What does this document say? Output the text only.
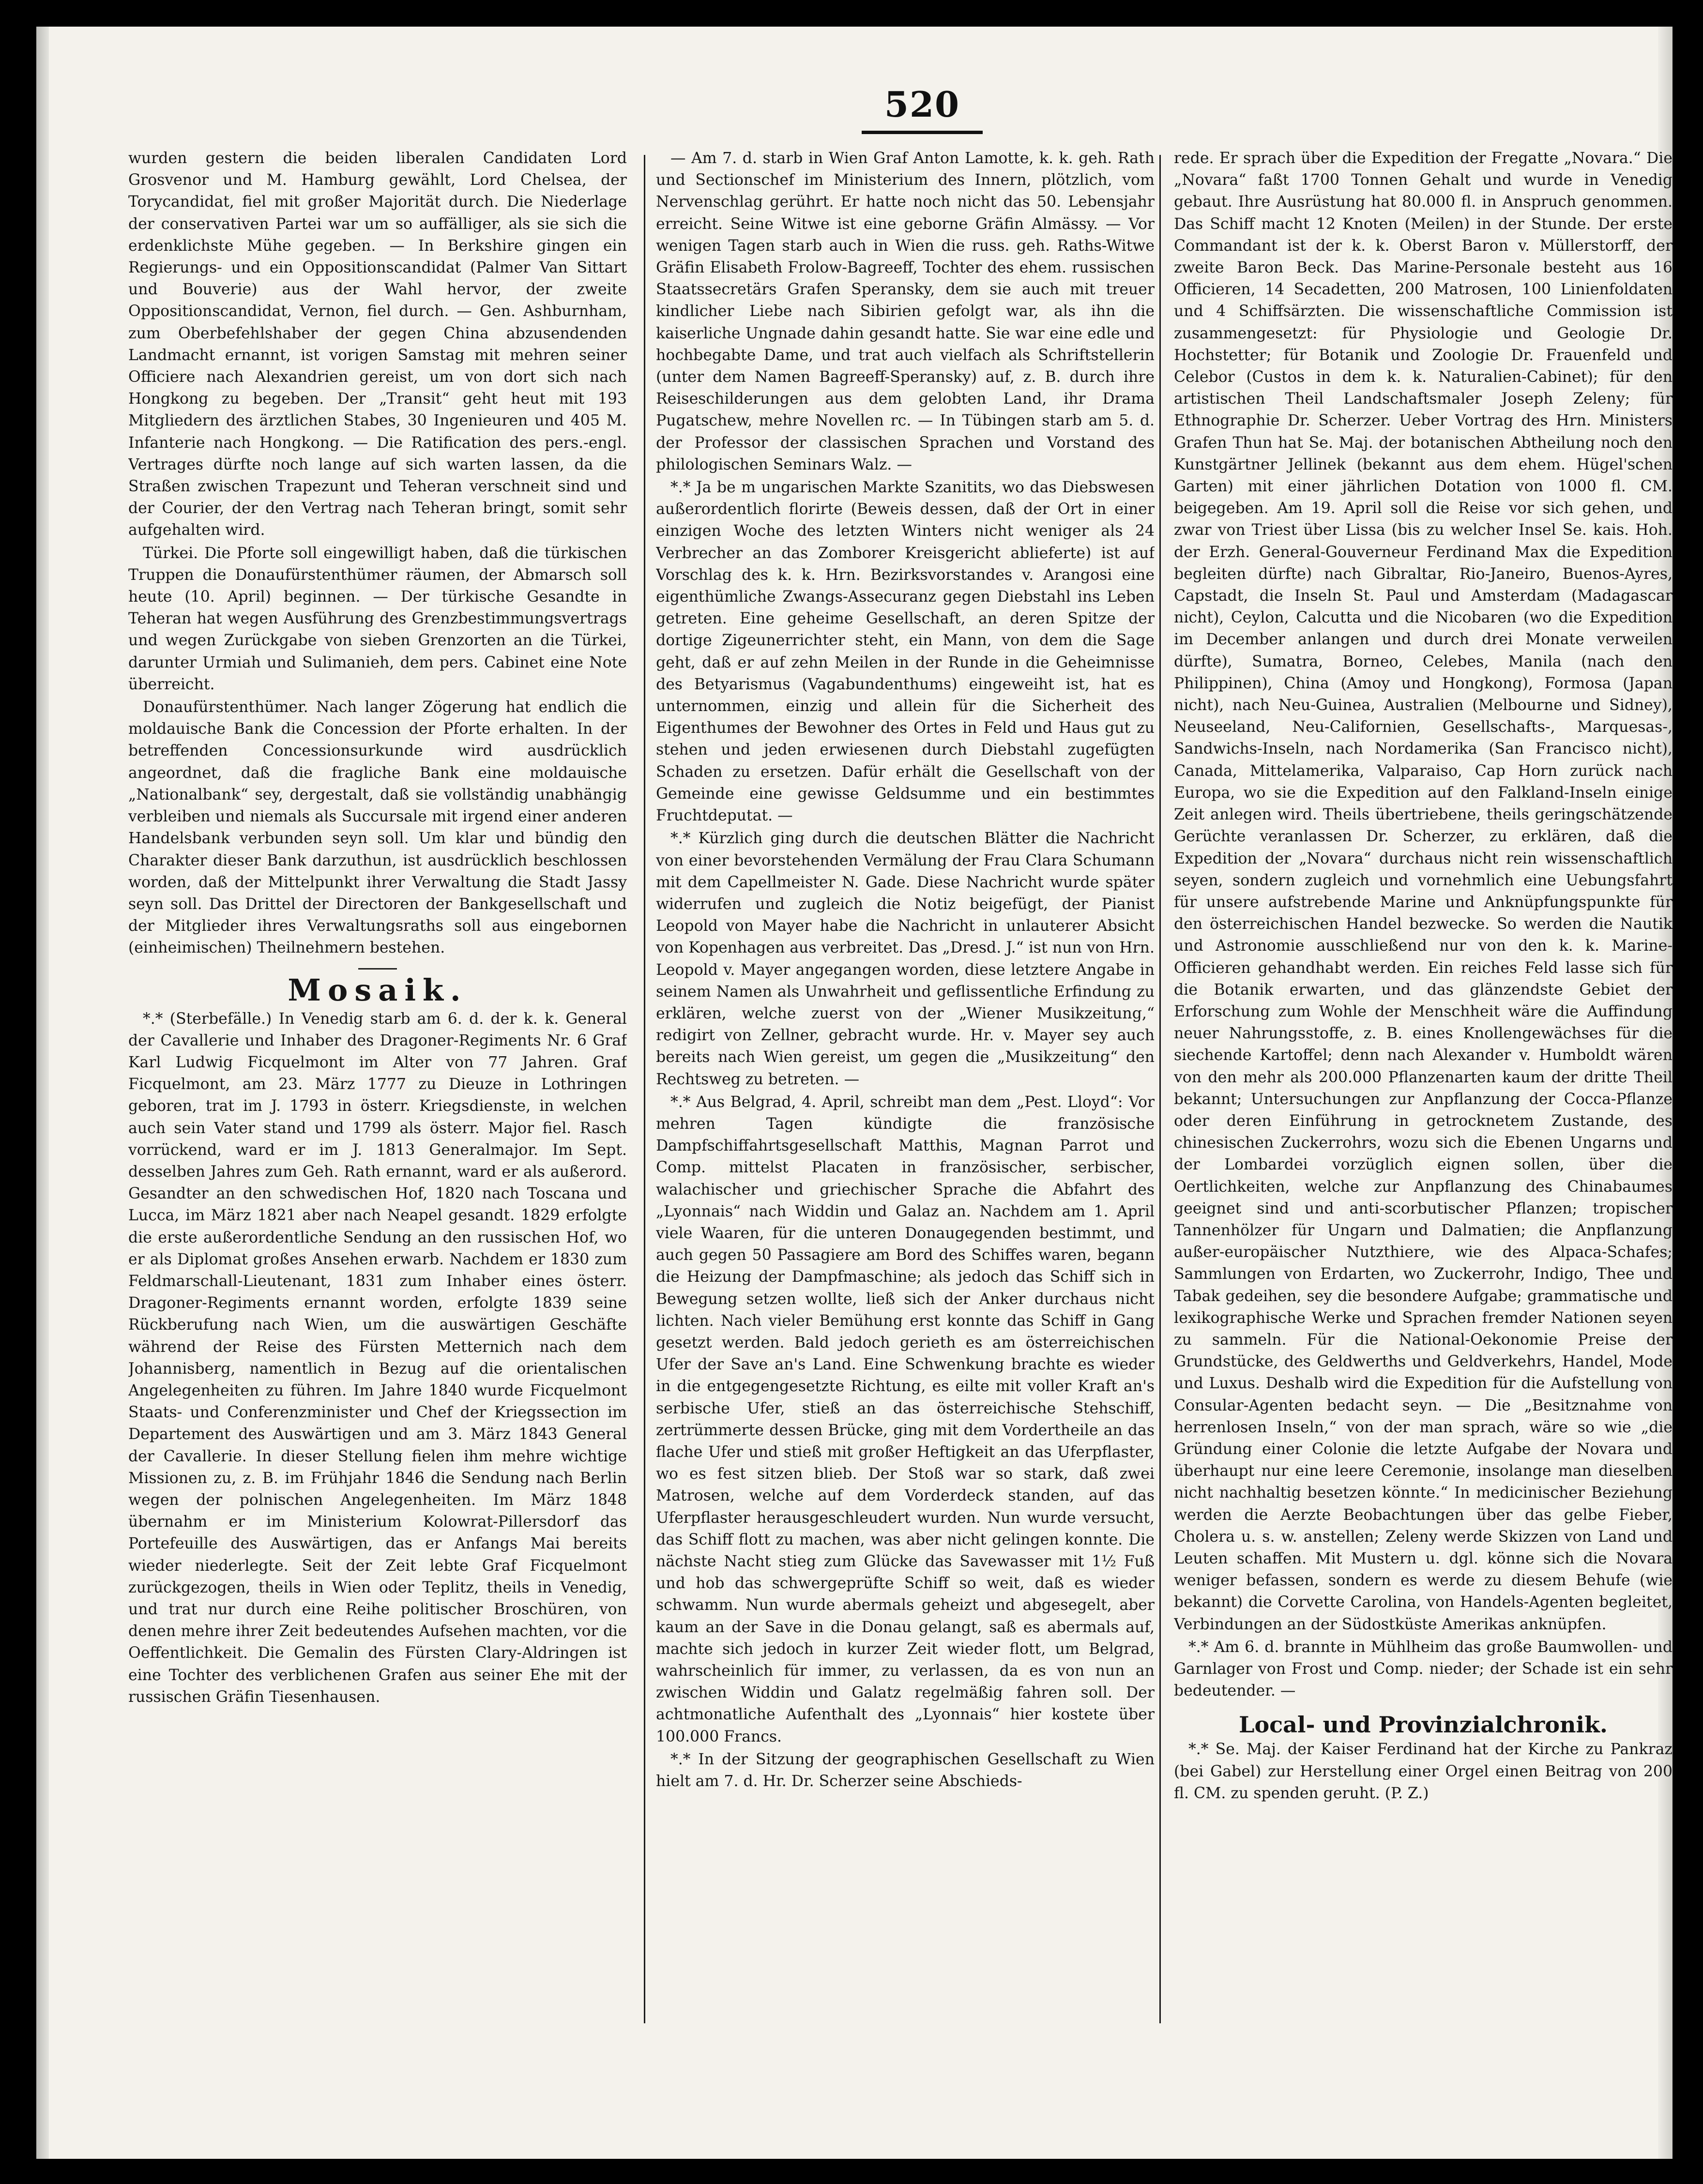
520

wurden gestern die beiden liberalen Candidaten Lord Grosvenor und M. Hamburg gewählt, Lord Chelsea, der Torycandidat, fiel mit großer Majorität durch. Die Niederlage der conservativen Partei war um so auffälliger, als sie sich die erdenklichste Mühe gegeben. — In Berkshire gingen ein Regierungs- und ein Oppositionscandidat (Palmer Van Sittart und Bouverie) aus der Wahl hervor, der zweite Oppositionscandidat, Vernon, fiel durch. — Gen. Ashburnham, zum Oberbefehlshaber der gegen China abzusendenden Landmacht ernannt, ist vorigen Samstag mit mehren seiner Officiere nach Alexandrien gereist, um von dort sich nach Hongkong zu begeben. Der „Transit“ geht heut mit 193 Mitgliedern des ärztlichen Stabes, 30 Ingenieuren und 405 M. Infanterie nach Hongkong. — Die Ratification des pers.-engl. Vertrages dürfte noch lange auf sich warten lassen, da die Straßen zwischen Trapezunt und Teheran verschneit sind und der Courier, der den Vertrag nach Teheran bringt, somit sehr aufgehalten wird.

Türkei. Die Pforte soll eingewilligt haben, daß die türkischen Truppen die Donaufürstenthümer räumen, der Abmarsch soll heute (10. April) beginnen. — Der türkische Gesandte in Teheran hat wegen Ausführung des Grenzbestimmungsvertrags und wegen Zurückgabe von sieben Grenzorten an die Türkei, darunter Urmiah und Sulimanieh, dem pers. Cabinet eine Note überreicht.

Donaufürstenthümer. Nach langer Zögerung hat endlich die moldauische Bank die Concession der Pforte erhalten. In der betreffenden Concessionsurkunde wird ausdrücklich angeordnet, daß die fragliche Bank eine moldauische „Nationalbank“ sey, dergestalt, daß sie vollständig unabhängig verbleiben und niemals als Succursale mit irgend einer anderen Handelsbank verbunden seyn soll. Um klar und bündig den Charakter dieser Bank darzuthun, ist ausdrücklich beschlossen worden, daß der Mittelpunkt ihrer Verwaltung die Stadt Jassy seyn soll. Das Drittel der Directoren der Bankgesellschaft und der Mitglieder ihres Verwaltungsraths soll aus eingebornen (einheimischen) Theilnehmern bestehen.

Mosaik.

*.* (Sterbefälle.) In Venedig starb am 6. d. der k. k. General der Cavallerie und Inhaber des Dragoner-Regiments Nr. 6 Graf Karl Ludwig Ficquelmont im Alter von 77 Jahren. Graf Ficquelmont, am 23. März 1777 zu Dieuze in Lothringen geboren, trat im J. 1793 in österr. Kriegsdienste, in welchen auch sein Vater stand und 1799 als österr. Major fiel. Rasch vorrückend, ward er im J. 1813 Generalmajor. Im Sept. desselben Jahres zum Geh. Rath ernannt, ward er als außerord. Gesandter an den schwedischen Hof, 1820 nach Toscana und Lucca, im März 1821 aber nach Neapel gesandt. 1829 erfolgte die erste außerordentliche Sendung an den russischen Hof, wo er als Diplomat großes Ansehen erwarb. Nachdem er 1830 zum Feldmarschall-Lieutenant, 1831 zum Inhaber eines österr. Dragoner-Regiments ernannt worden, erfolgte 1839 seine Rückberufung nach Wien, um die auswärtigen Geschäfte während der Reise des Fürsten Metternich nach dem Johannisberg, namentlich in Bezug auf die orientalischen Angelegenheiten zu führen. Im Jahre 1840 wurde Ficquelmont Staats- und Conferenzminister und Chef der Kriegssection im Departement des Auswärtigen und am 3. März 1843 General der Cavallerie. In dieser Stellung fielen ihm mehre wichtige Missionen zu, z. B. im Frühjahr 1846 die Sendung nach Berlin wegen der polnischen Angelegenheiten. Im März 1848 übernahm er im Ministerium Kolowrat-Pillersdorf das Portefeuille des Auswärtigen, das er Anfangs Mai bereits wieder niederlegte. Seit der Zeit lebte Graf Ficquelmont zurückgezogen, theils in Wien oder Teplitz, theils in Venedig, und trat nur durch eine Reihe politischer Broschüren, von denen mehre ihrer Zeit bedeutendes Aufsehen machten, vor die Oeffentlichkeit. Die Gemalin des Fürsten Clary-Aldringen ist eine Tochter des verblichenen Grafen aus seiner Ehe mit der russischen Gräfin Tiesenhausen.

— Am 7. d. starb in Wien Graf Anton Lamotte, k. k. geh. Rath und Sectionschef im Ministerium des Innern, plötzlich, vom Nervenschlag gerührt. Er hatte noch nicht das 50. Lebensjahr erreicht. Seine Witwe ist eine geborne Gräfin Almässy. — Vor wenigen Tagen starb auch in Wien die russ. geh. Raths-Witwe Gräfin Elisabeth Frolow-Bagreeff, Tochter des ehem. russischen Staatssecretärs Grafen Speransky, dem sie auch mit treuer kindlicher Liebe nach Sibirien gefolgt war, als ihn die kaiserliche Ungnade dahin gesandt hatte. Sie war eine edle und hochbegabte Dame, und trat auch vielfach als Schriftstellerin (unter dem Namen Bagreeff-Speransky) auf, z. B. durch ihre Reiseschilderungen aus dem gelobten Land, ihr Drama Pugatschew, mehre Novellen rc. — In Tübingen starb am 5. d. der Professor der classischen Sprachen und Vorstand des philologischen Seminars Walz. —

*.* Ja be m ungarischen Markte Szanitits, wo das Diebswesen außerordentlich florirte (Beweis dessen, daß der Ort in einer einzigen Woche des letzten Winters nicht weniger als 24 Verbrecher an das Zomborer Kreisgericht ablieferte) ist auf Vorschlag des k. k. Hrn. Bezirksvorstandes v. Arangosi eine eigenthümliche Zwangs-Assecuranz gegen Diebstahl ins Leben getreten. Eine geheime Gesellschaft, an deren Spitze der dortige Zigeunerrichter steht, ein Mann, von dem die Sage geht, daß er auf zehn Meilen in der Runde in die Geheimnisse des Betyarismus (Vagabundenthums) eingeweiht ist, hat es unternommen, einzig und allein für die Sicherheit des Eigenthumes der Bewohner des Ortes in Feld und Haus gut zu stehen und jeden erwiesenen durch Diebstahl zugefügten Schaden zu ersetzen. Dafür erhält die Gesellschaft von der Gemeinde eine gewisse Geldsumme und ein bestimmtes Fruchtdeputat. —

*.* Kürzlich ging durch die deutschen Blätter die Nachricht von einer bevorstehenden Vermälung der Frau Clara Schumann mit dem Capellmeister N. Gade. Diese Nachricht wurde später widerrufen und zugleich die Notiz beigefügt, der Pianist Leopold von Mayer habe die Nachricht in unlauterer Absicht von Kopenhagen aus verbreitet. Das „Dresd. J.“ ist nun von Hrn. Leopold v. Mayer angegangen worden, diese letztere Angabe in seinem Namen als Unwahrheit und geflissentliche Erfindung zu erklären, welche zuerst von der „Wiener Musikzeitung,“ redigirt von Zellner, gebracht wurde. Hr. v. Mayer sey auch bereits nach Wien gereist, um gegen die „Musikzeitung“ den Rechtsweg zu betreten. —

*.* Aus Belgrad, 4. April, schreibt man dem „Pest. Lloyd“: Vor mehren Tagen kündigte die französische Dampfschiffahrtsgesellschaft Matthis, Magnan Parrot und Comp. mittelst Placaten in französischer, serbischer, walachischer und griechischer Sprache die Abfahrt des „Lyonnais“ nach Widdin und Galaz an. Nachdem am 1. April viele Waaren, für die unteren Donaugegenden bestimmt, und auch gegen 50 Passagiere am Bord des Schiffes waren, begann die Heizung der Dampfmaschine; als jedoch das Schiff sich in Bewegung setzen wollte, ließ sich der Anker durchaus nicht lichten. Nach vieler Bemühung erst konnte das Schiff in Gang gesetzt werden. Bald jedoch gerieth es am österreichischen Ufer der Save an's Land. Eine Schwenkung brachte es wieder in die entgegengesetzte Richtung, es eilte mit voller Kraft an's serbische Ufer, stieß an das österreichische Stehschiff, zertrümmerte dessen Brücke, ging mit dem Vordertheile an das flache Ufer und stieß mit großer Heftigkeit an das Uferpflaster, wo es fest sitzen blieb. Der Stoß war so stark, daß zwei Matrosen, welche auf dem Vorderdeck standen, auf das Uferpflaster herausgeschleudert wurden. Nun wurde versucht, das Schiff flott zu machen, was aber nicht gelingen konnte. Die nächste Nacht stieg zum Glücke das Savewasser mit 1½ Fuß und hob das schwergeprüfte Schiff so weit, daß es wieder schwamm. Nun wurde abermals geheizt und abgesegelt, aber kaum an der Save in die Donau gelangt, saß es abermals auf, machte sich jedoch in kurzer Zeit wieder flott, um Belgrad, wahrscheinlich für immer, zu verlassen, da es von nun an zwischen Widdin und Galatz regelmäßig fahren soll. Der achtmonatliche Aufenthalt des „Lyonnais“ hier kostete über 100.000 Francs.

*.* In der Sitzung der geographischen Gesellschaft zu Wien hielt am 7. d. Hr. Dr. Scherzer seine Abschieds-

rede. Er sprach über die Expedition der Fregatte „Novara.“ Die „Novara“ faßt 1700 Tonnen Gehalt und wurde in Venedig gebaut. Ihre Ausrüstung hat 80.000 fl. in Anspruch genommen. Das Schiff macht 12 Knoten (Meilen) in der Stunde. Der erste Commandant ist der k. k. Oberst Baron v. Müllerstorff, der zweite Baron Beck. Das Marine-Personale besteht aus 16 Officieren, 14 Secadetten, 200 Matrosen, 100 Linienfoldaten und 4 Schiffsärzten. Die wissenschaftliche Commission ist zusammengesetzt: für Physiologie und Geologie Dr. Hochstetter; für Botanik und Zoologie Dr. Frauenfeld und Celebor (Custos in dem k. k. Naturalien-Cabinet); für den artistischen Theil Landschaftsmaler Joseph Zeleny; für Ethnographie Dr. Scherzer. Ueber Vortrag des Hrn. Ministers Grafen Thun hat Se. Maj. der botanischen Abtheilung noch den Kunstgärtner Jellinek (bekannt aus dem ehem. Hügel'schen Garten) mit einer jährlichen Dotation von 1000 fl. CM. beigegeben. Am 19. April soll die Reise vor sich gehen, und zwar von Triest über Lissa (bis zu welcher Insel Se. kais. Hoh. der Erzh. General-Gouverneur Ferdinand Max die Expedition begleiten dürfte) nach Gibraltar, Rio-Janeiro, Buenos-Ayres, Capstadt, die Inseln St. Paul und Amsterdam (Madagascar nicht), Ceylon, Calcutta und die Nicobaren (wo die Expedition im December anlangen und durch drei Monate verweilen dürfte), Sumatra, Borneo, Celebes, Manila (nach den Philippinen), China (Amoy und Hongkong), Formosa (Japan nicht), nach Neu-Guinea, Australien (Melbourne und Sidney), Neuseeland, Neu-Californien, Gesellschafts-, Marquesas-, Sandwichs-Inseln, nach Nordamerika (San Francisco nicht), Canada, Mittelamerika, Valparaiso, Cap Horn zurück nach Europa, wo sie die Expedition auf den Falkland-Inseln einige Zeit anlegen wird. Theils übertriebene, theils geringschätzende Gerüchte veranlassen Dr. Scherzer, zu erklären, daß die Expedition der „Novara“ durchaus nicht rein wissenschaftlich seyen, sondern zugleich und vornehmlich eine Uebungsfahrt für unsere aufstrebende Marine und Anknüpfungspunkte für den österreichischen Handel bezwecke. So werden die Nautik und Astronomie ausschließend nur von den k. k. Marine-Officieren gehandhabt werden. Ein reiches Feld lasse sich für die Botanik erwarten, und das glänzendste Gebiet der Erforschung zum Wohle der Menschheit wäre die Auffindung neuer Nahrungsstoffe, z. B. eines Knollengewächses für die siechende Kartoffel; denn nach Alexander v. Humboldt wären von den mehr als 200.000 Pflanzenarten kaum der dritte Theil bekannt; Untersuchungen zur Anpflanzung der Cocca-Pflanze oder deren Einführung in getrocknetem Zustande, des chinesischen Zuckerrohrs, wozu sich die Ebenen Ungarns und der Lombardei vorzüglich eignen sollen, über die Oertlichkeiten, welche zur Anpflanzung des Chinabaumes geeignet sind und anti-scorbutischer Pflanzen; tropischer Tannenhölzer für Ungarn und Dalmatien; die Anpflanzung außer-europäischer Nutzthiere, wie des Alpaca-Schafes; Sammlungen von Erdarten, wo Zuckerrohr, Indigo, Thee und Tabak gedeihen, sey die besondere Aufgabe; grammatische und lexikographische Werke und Sprachen fremder Nationen seyen zu sammeln. Für die National-Oekonomie Preise der Grundstücke, des Geldwerths und Geldverkehrs, Handel, Mode und Luxus. Deshalb wird die Expedition für die Aufstellung von Consular-Agenten bedacht seyn. — Die „Besitznahme von herrenlosen Inseln,“ von der man sprach, wäre so wie „die Gründung einer Colonie die letzte Aufgabe der Novara und überhaupt nur eine leere Ceremonie, insolange man dieselben nicht nachhaltig besetzen könnte.“ In medicinischer Beziehung werden die Aerzte Beobachtungen über das gelbe Fieber, Cholera u. s. w. anstellen; Zeleny werde Skizzen von Land und Leuten schaffen. Mit Mustern u. dgl. könne sich die Novara weniger befassen, sondern es werde zu diesem Behufe (wie bekannt) die Corvette Carolina, von Handels-Agenten begleitet, Verbindungen an der Südostküste Amerikas anknüpfen.

*.* Am 6. d. brannte in Mühlheim das große Baumwollen- und Garnlager von Frost und Comp. nieder; der Schade ist ein sehr bedeutender. —

Local- und Provinzialchronik.

*.* Se. Maj. der Kaiser Ferdinand hat der Kirche zu Pankraz (bei Gabel) zur Herstellung einer Orgel einen Beitrag von 200 fl. CM. zu spenden geruht. (P. Z.)
